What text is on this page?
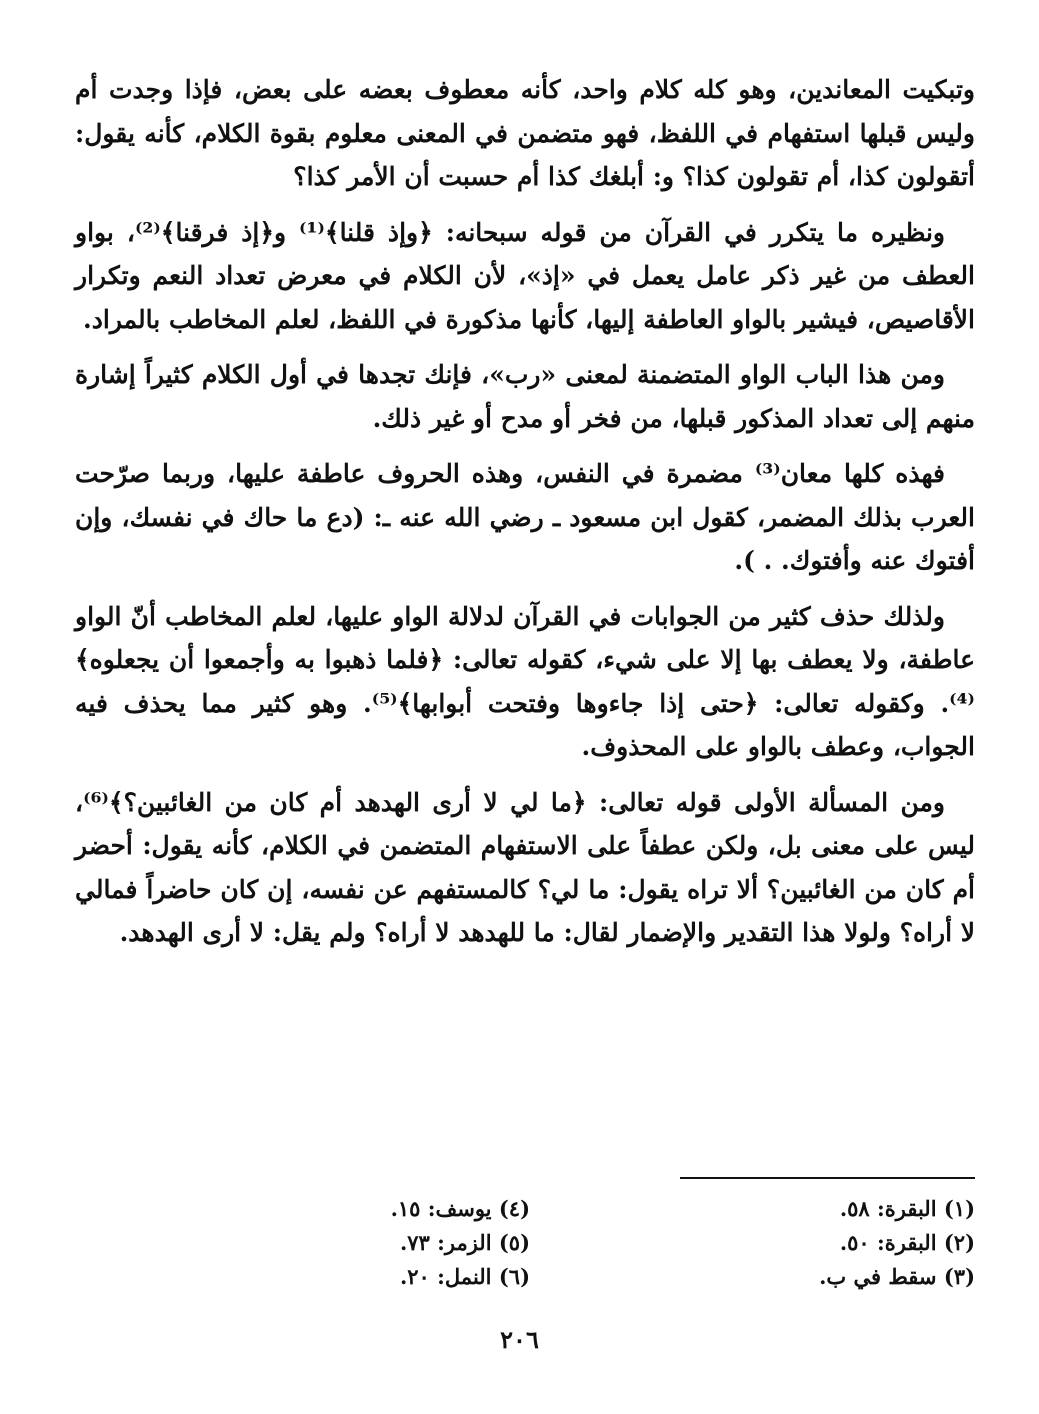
وتبكيت المعاندين، وهو كله كلام واحد، كأنه معطوف بعضه على بعض، فإذا وجدت أم وليس قبلها استفهام في اللفظ، فهو متضمن في المعنى معلوم بقوة الكلام، كأنه يقول: أتقولون كذا، أم تقولون كذا؟ و: أبلغك كذا أم حسبت أن الأمر كذا؟

ونظيره ما يتكرر في القرآن من قوله سبحانه: ﴿وإذ قلنا﴾⁽¹⁾ و﴿إذ فرقنا﴾⁽²⁾، بواو العطف من غير ذكر عامل يعمل في «إذ»، لأن الكلام في معرض تعداد النعم وتكرار الأقاصيص، فيشير بالواو العاطفة إليها، كأنها مذكورة في اللفظ، لعلم المخاطب بالمراد.

ومن هذا الباب الواو المتضمنة لمعنى «رب»، فإنك تجدها في أول الكلام كثيراً إشارة منهم إلى تعداد المذكور قبلها، من فخر أو مدح أو غير ذلك.

فهذه كلها معان⁽³⁾ مضمرة في النفس، وهذه الحروف عاطفة عليها، وربما صرّحت العرب بذلك المضمر، كقول ابن مسعود ـ رضي الله عنه ـ: (دع ما حاك في نفسك، وإن أفتوك عنه وأفتوك. . ).

ولذلك حذف كثير من الجوابات في القرآن لدلالة الواو عليها، لعلم المخاطب أنّ الواو عاطفة، ولا يعطف بها إلا على شيء، كقوله تعالى: ﴿فلما ذهبوا به وأجمعوا أن يجعلوه﴾⁽⁴⁾. وكقوله تعالى: ﴿حتى إذا جاءوها وفتحت أبوابها﴾⁽⁵⁾. وهو كثير مما يحذف فيه الجواب، وعطف بالواو على المحذوف.

ومن المسألة الأولى قوله تعالى: ﴿ما لي لا أرى الهدهد أم كان من الغائبين؟﴾⁽⁶⁾، ليس على معنى بل، ولكن عطفاً على الاستفهام المتضمن في الكلام، كأنه يقول: أحضر أم كان من الغائبين؟ ألا تراه يقول: ما لي؟ كالمستفهم عن نفسه، إن كان حاضراً فمالي لا أراه؟ ولولا هذا التقدير والإضمار لقال: ما للهدهد لا أراه؟ ولم يقل: لا أرى الهدهد.

(١) البقرة: ٥٨.
(٢) البقرة: ٥٠.
(٣) سقط في ب.
(٤) يوسف: ١٥.
(٥) الزمر: ٧٣.
(٦) النمل: ٢٠.
٢٠٦
